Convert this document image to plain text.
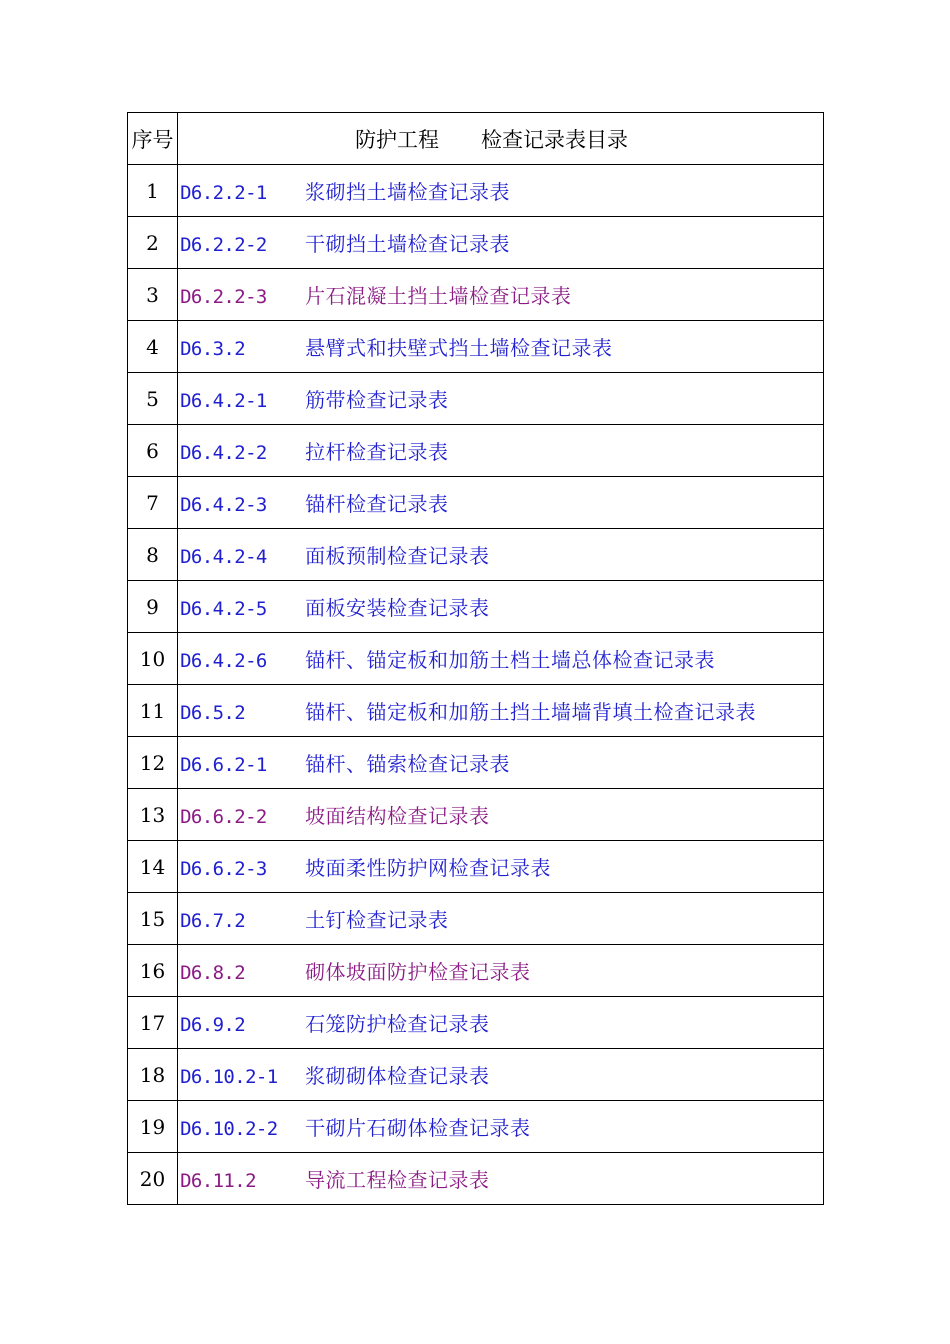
序号	防护工程　　检查记录表目录
1	D6.2.2-1 浆砌挡土墙检查记录表
2	D6.2.2-2 干砌挡土墙检查记录表
3	D6.2.2-3 片石混凝土挡土墙检查记录表
4	D6.3.2 悬臂式和扶壁式挡土墙检查记录表
5	D6.4.2-1 筋带检查记录表
6	D6.4.2-2 拉杆检查记录表
7	D6.4.2-3 锚杆检查记录表
8	D6.4.2-4 面板预制检查记录表
9	D6.4.2-5 面板安装检查记录表
10	D6.4.2-6 锚杆、锚定板和加筋土档土墙总体检查记录表
11	D6.5.2 锚杆、锚定板和加筋土挡土墙墙背填土检查记录表
12	D6.6.2-1 锚杆、锚索检查记录表
13	D6.6.2-2 坡面结构检查记录表
14	D6.6.2-3坡面柔性防护网检查记录表
15	D6.7.2 土钉检查记录表
16	D6.8.2 砌体坡面防护检查记录表
17	D6.9.2 石笼防护检查记录表
18	D6.10.2-1 浆砌砌体检查记录表
19	D6.10.2-2 干砌片石砌体检查记录表
20	D6.11.2 导流工程检查记录表
